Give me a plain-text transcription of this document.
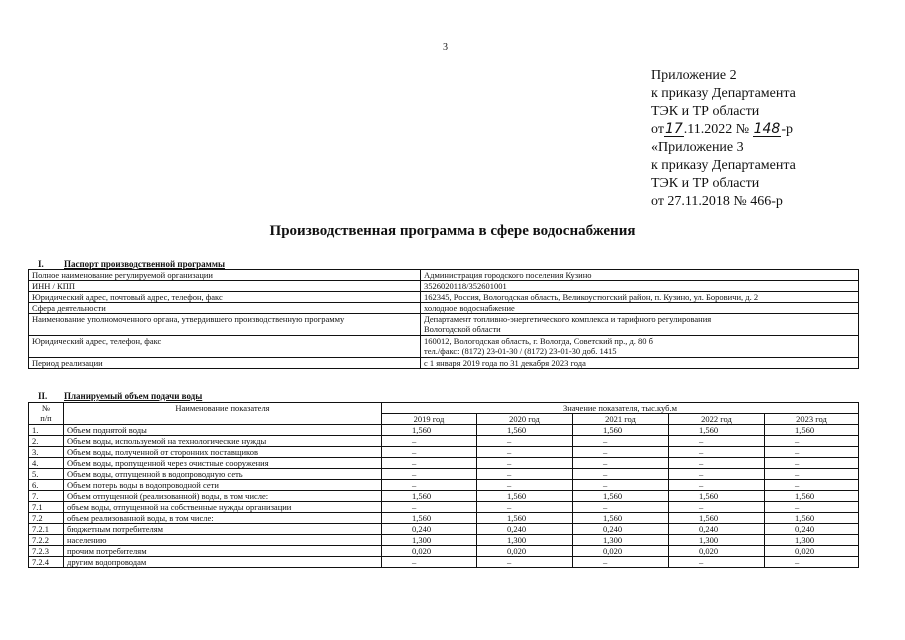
3
Приложение 2
к приказу Департамента
ТЭК и ТР области
от17.11.2022 № 148-р
«Приложение 3
к приказу Департамента
ТЭК и ТР области
от 27.11.2018 № 466-р
Производственная программа в сфере водоснабжения
I. Паспорт производственной программы
Полное наименование регулируемой организации	Администрация городского поселения Кузино

ИНН / КПП	3526020118/352601001

Юридический адрес, почтовый адрес, телефон, факс	162345, Россия, Вологодская область, Великоустюгский район, п. Кузино, ул. Боровичи, д. 2

Сфера деятельности	холодное водоснабжение

Наименование уполномоченного органа, утвердившего производственную программу	Департамент топливно-энергетического комплекса и тарифного регулирования
Вологодской области

Юридический адрес, телефон, факс	160012, Вологодская область, г. Вологда, Советский пр., д. 80 б
тел./факс: (8172) 23-01-30 / (8172) 23-01-30 доб. 1415

Период реализации	с 1 января 2019 года по 31 декабря 2023 года
II. Планируемый объем подачи воды
№
п/п	Наименование показателя	Значение показателя, тыс.куб.м				
		2019 год	2020 год	2021 год	2022 год	2023 год
1.	Объем поднятой воды	1,560	1,560	1,560	1,560	1,560
2.	Объем воды, используемой на технологические нужды	–	–	–	–	–
3.	Объем воды, полученной от сторонних поставщиков	–	–	–	–	–
4.	Объем воды, пропущенной через очистные сооружения	–	–	–	–	–
5.	Объем воды, отпущенной в водопроводную сеть	–	–	–	–	–
6.	Объем потерь воды в водопроводной сети	–	–	–	–	–
7.	Объем отпущенной (реализованной) воды, в том числе:	1,560	1,560	1,560	1,560	1,560
7.1	объем воды, отпущенной на собственные нужды организации	–	–	–	–	–
7.2	объем реализованной воды, в том числе:	1,560	1,560	1,560	1,560	1,560
7.2.1	бюджетным потребителям	0,240	0,240	0,240	0,240	0,240
7.2.2	населению	1,300	1,300	1,300	1,300	1,300
7.2.3	прочим потребителям	0,020	0,020	0,020	0,020	0,020
7.2.4	другим водопроводам	–	–	–	–	–
